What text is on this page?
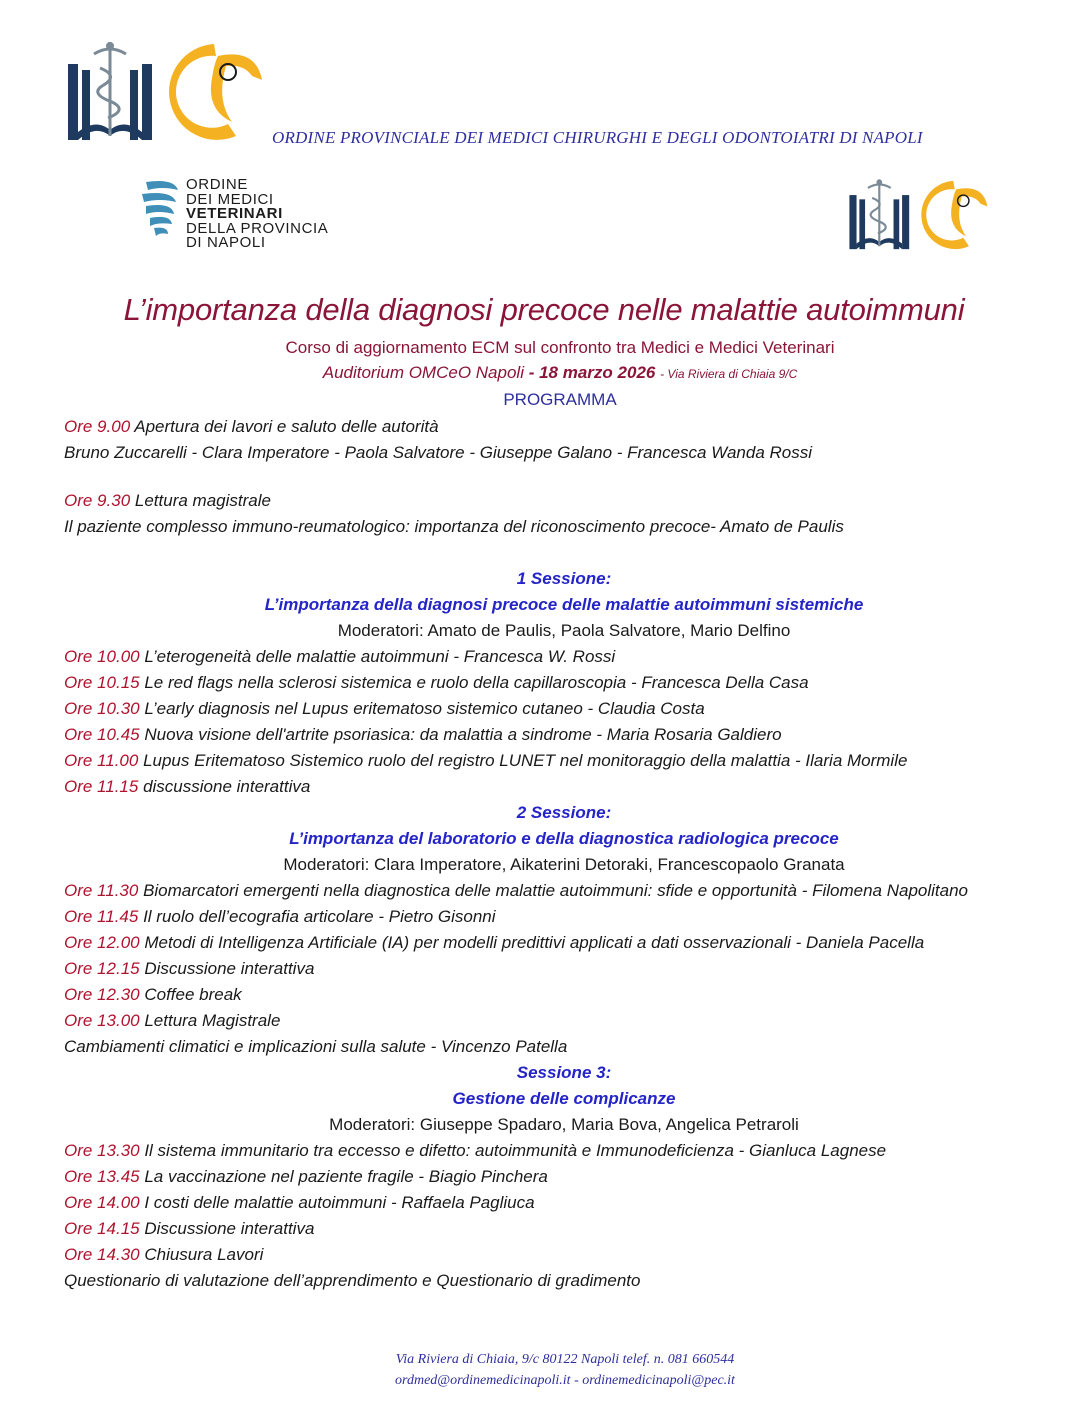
ORDINE PROVINCIALE DEI MEDICI CHIRURGHI E DEGLI ODONTOIATRI DI NAPOLI
ORDINE
DEI MEDICI
VETERINARI
DELLA PROVINCIA
DI NAPOLI
L’importanza della diagnosi precoce nelle malattie autoimmuni
Corso di aggiornamento ECM sul confronto tra Medici e Medici Veterinari
Auditorium OMCeO Napoli - 18 marzo 2026 - Via Riviera di Chiaia 9/C
PROGRAMMA
Ore 9.00 Apertura dei lavori e saluto delle autorità
Bruno Zuccarelli - Clara Imperatore - Paola Salvatore - Giuseppe Galano - Francesca Wanda Rossi
Ore 9.30 Lettura magistrale
Il paziente complesso immuno-reumatologico: importanza del riconoscimento precoce- Amato de Paulis
1 Sessione:
L’importanza della diagnosi precoce delle malattie autoimmuni sistemiche
Moderatori: Amato de Paulis, Paola Salvatore, Mario Delfino
Ore 10.00 L’eterogeneità delle malattie autoimmuni - Francesca W. Rossi
Ore 10.15 Le red flags nella sclerosi sistemica e ruolo della capillaroscopia - Francesca Della Casa
Ore 10.30 L’early diagnosis nel Lupus eritematoso sistemico cutaneo - Claudia Costa
Ore 10.45 Nuova visione dell'artrite psoriasica: da malattia a sindrome - Maria Rosaria Galdiero
Ore 11.00 Lupus Eritematoso Sistemico ruolo del registro LUNET nel monitoraggio della malattia - Ilaria Mormile
Ore 11.15 discussione interattiva
2 Sessione:
L’importanza del laboratorio e della diagnostica radiologica precoce
Moderatori: Clara Imperatore, Aikaterini Detoraki, Francescopaolo Granata
Ore 11.30 Biomarcatori emergenti nella diagnostica delle malattie autoimmuni: sfide e opportunità - Filomena Napolitano
Ore 11.45 Il ruolo dell’ecografia articolare - Pietro Gisonni
Ore 12.00 Metodi di Intelligenza Artificiale (IA) per modelli predittivi applicati a dati osservazionali - Daniela Pacella
Ore 12.15 Discussione interattiva
Ore 12.30 Coffee break
Ore 13.00 Lettura Magistrale
Cambiamenti climatici e implicazioni sulla salute - Vincenzo Patella
Sessione 3:
Gestione delle complicanze
Moderatori: Giuseppe Spadaro, Maria Bova, Angelica Petraroli
Ore 13.30 Il sistema immunitario tra eccesso e difetto: autoimmunità e Immunodeficienza - Gianluca Lagnese
Ore 13.45 La vaccinazione nel paziente fragile - Biagio Pinchera
Ore 14.00 I costi delle malattie autoimmuni - Raffaela Pagliuca
Ore 14.15 Discussione interattiva
Ore 14.30 Chiusura Lavori
Questionario di valutazione dell’apprendimento e Questionario di gradimento
Via Riviera di Chiaia, 9/c 80122 Napoli telef. n. 081 660544
ordmed@ordinemedicinapoli.it - ordinemedicinapoli@pec.it
